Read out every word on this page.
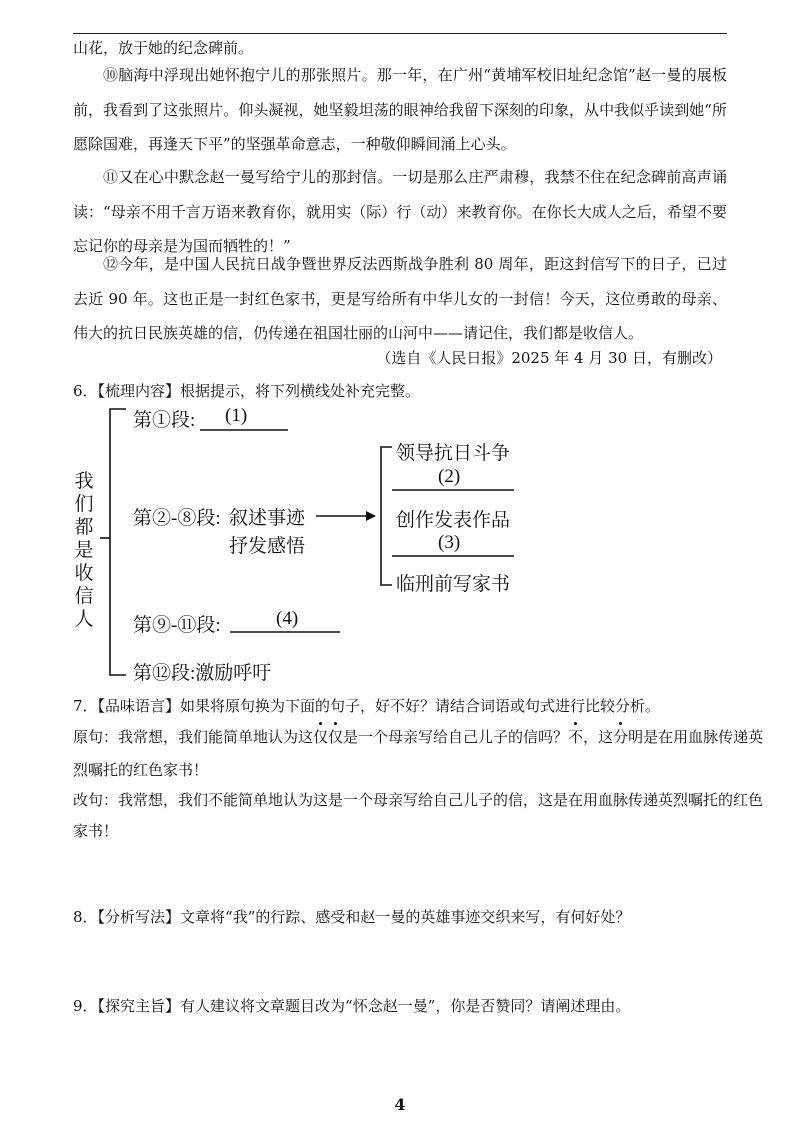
山花，放于她的纪念碑前。

⑩脑海中浮现出她怀抱宁儿的那张照片。那一年，在广州“黄埔军校旧址纪念馆”赵一曼的展板前，我看到了这张照片。仰头凝视，她坚毅坦荡的眼神给我留下深刻的印象，从中我似乎读到她“所愿除国难，再逢天下平”的坚强革命意志，一种敬仰瞬间涌上心头。

⑪又在心中默念赵一曼写给宁儿的那封信。一切是那么庄严肃穆，我禁不住在纪念碑前高声诵读：“母亲不用千言万语来教育你，就用实（际）行（动）来教育你。在你长大成人之后，希望不要忘记你的母亲是为国而牺牲的！”

⑫今年，是中国人民抗日战争暨世界反法西斯战争胜利 80 周年，距这封信写下的日子，已过去近 90 年。这也正是一封红色家书，更是写给所有中华儿女的一封信！今天，这位勇敢的母亲、伟大的抗日民族英雄的信，仍传递在祖国壮丽的山河中——请记住，我们都是收信人。

（选自《人民日报》2025 年 4 月 30 日，有删改）
6．【梳理内容】根据提示，将下列横线处补充完整。
我们都是收信人
第①段: (1)
第②-⑧段: 叙述事迹
抒发感悟
第⑨-⑪段:	(4)
第⑫段:激励呼吁
领导抗日斗争
(2)
创作发表作品
(3)
临刑前写家书
7．【品味语言】如果将原句换为下面的句子，好不好？请结合词语或句式进行比较分析。
原句：我常想，我们能简单地认为这仅仅是一个母亲写给自己儿子的信吗？不，这分明是在用血脉传递英
烈嘱托的红色家书！
改句：我常想，我们不能简单地认为这是一个母亲写给自己儿子的信，这是在用血脉传递英烈嘱托的红色
家书！
8．【分析写法】文章将“我”的行踪、感受和赵一曼的英雄事迹交织来写，有何好处？
9．【探究主旨】有人建议将文章题目改为“怀念赵一曼”，你是否赞同？请阐述理由。
4
